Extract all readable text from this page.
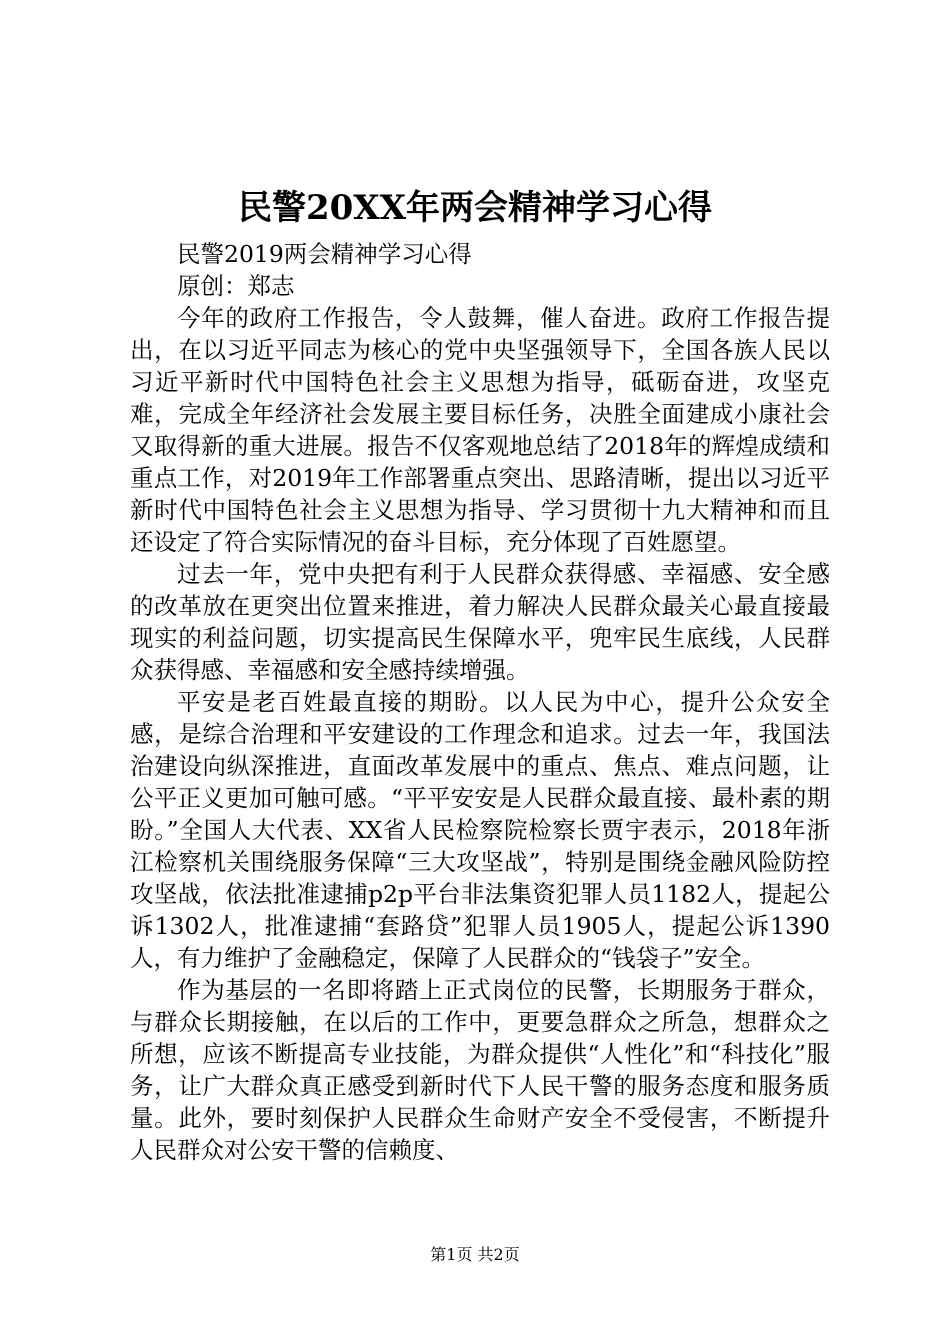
民警20XX年两会精神学习心得

民警2019两会精神学习心得

原创：郑志

今年的政府工作报告，令人鼓舞，催人奋进。政府工作报告提出，在以习近平同志为核心的党中央坚强领导下，全国各族人民以习近平新时代中国特色社会主义思想为指导，砥砺奋进，攻坚克难，完成全年经济社会发展主要目标任务，决胜全面建成小康社会又取得新的重大进展。报告不仅客观地总结了2018年的辉煌成绩和重点工作，对2019年工作部署重点突出、思路清晰，提出以习近平新时代中国特色社会主义思想为指导、学习贯彻十九大精神和而且还设定了符合实际情况的奋斗目标，充分体现了百姓愿望。

过去一年，党中央把有利于人民群众获得感、幸福感、安全感的改革放在更突出位置来推进，着力解决人民群众最关心最直接最现实的利益问题，切实提高民生保障水平，兜牢民生底线，人民群众获得感、幸福感和安全感持续增强。

平安是老百姓最直接的期盼。以人民为中心，提升公众安全感，是综合治理和平安建设的工作理念和追求。过去一年，我国法治建设向纵深推进，直面改革发展中的重点、焦点、难点问题，让公平正义更加可触可感。“平平安安是人民群众最直接、最朴素的期盼。”全国人大代表、XX省人民检察院检察长贾宇表示，2018年浙江检察机关围绕服务保障“三大攻坚战”，特别是围绕金融风险防控攻坚战，依法批准逮捕p2p平台非法集资犯罪人员1182人，提起公诉1302人，批准逮捕“套路贷”犯罪人员1905人，提起公诉1390人，有力维护了金融稳定，保障了人民群众的“钱袋子”安全。

作为基层的一名即将踏上正式岗位的民警，长期服务于群众，与群众长期接触，在以后的工作中，更要急群众之所急，想群众之所想，应该不断提高专业技能，为群众提供“人性化”和“科技化”服务，让广大群众真正感受到新时代下人民干警的服务态度和服务质量。此外，要时刻保护人民群众生命财产安全不受侵害，不断提升人民群众对公安干警的信赖度、

第1页 共2页
